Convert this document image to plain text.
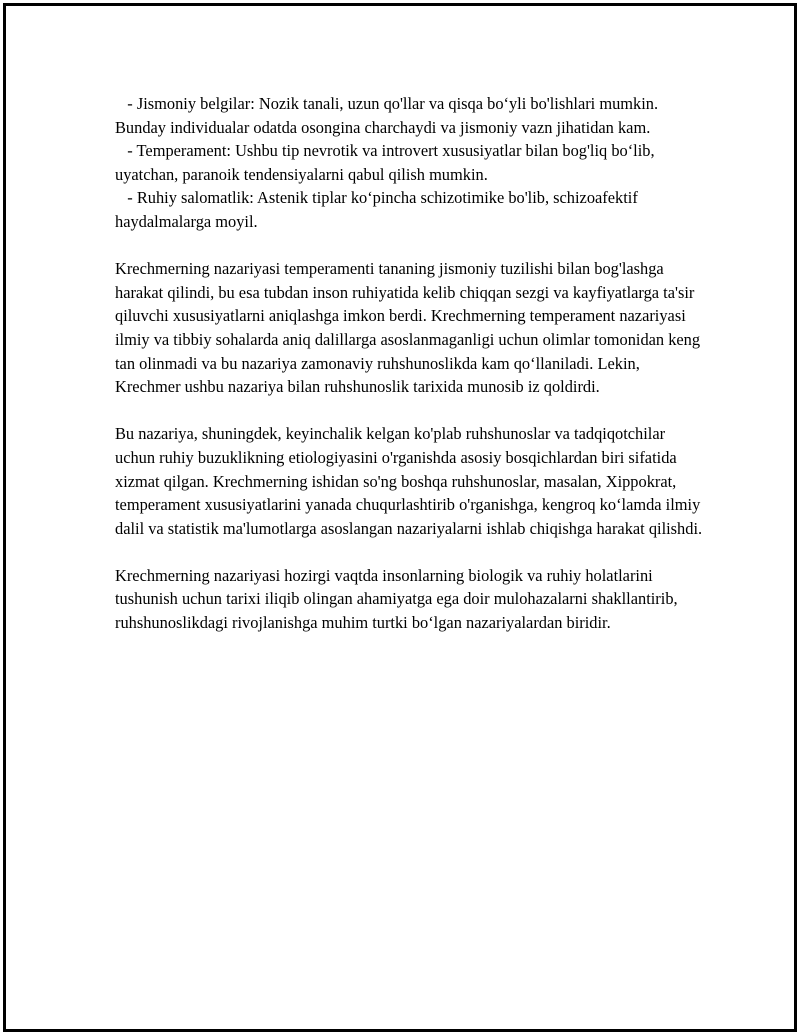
- Jismoniy belgilar: Nozik tanali, uzun qo'llar va qisqa boʻyli bo'lishlari mumkin. Bunday individualar odatda osongina charchaydi va jismoniy vazn jihatidan kam.
- Temperament: Ushbu tip nevrotik va introvert xususiyatlar bilan bog'liq boʻlib, uyatchan, paranoik tendensiyalarni qabul qilish mumkin.
- Ruhiy salomatlik: Astenik tiplar koʻpincha schizotimike bo'lib, schizoafektif haydalmalarga moyil.

Krechmerning nazariyasi temperamenti tananing jismoniy tuzilishi bilan bog'lashga harakat qilindi, bu esa tubdan inson ruhiyatida kelib chiqqan sezgi va kayfiyatlarga ta'sir qiluvchi xususiyatlarni aniqlashga imkon berdi. Krechmerning temperament nazariyasi ilmiy va tibbiy sohalarda aniq dalillarga asoslanmaganligi uchun olimlar tomonidan keng tan olinmadi va bu nazariya zamonaviy ruhshunoslikda kam qoʻllaniladi. Lekin, Krechmer ushbu nazariya bilan ruhshunoslik tarixida munosib iz qoldirdi.

Bu nazariya, shuningdek, keyinchalik kelgan ko'plab ruhshunoslar va tadqiqotchilar uchun ruhiy buzuklikning etiologiyasini o'rganishda asosiy bosqichlardan biri sifatida xizmat qilgan. Krechmerning ishidan so'ng boshqa ruhshunoslar, masalan, Xippokrat, temperament xususiyatlarini yanada chuqurlashtirib o'rganishga, kengroq koʻlamda ilmiy dalil va statistik ma'lumotlarga asoslangan nazariyalarni ishlab chiqishga harakat qilishdi.

Krechmerning nazariyasi hozirgi vaqtda insonlarning biologik va ruhiy holatlarini tushunish uchun tarixi iliqib olingan ahamiyatga ega doir mulohazalarni shakllantirib, ruhshunoslikdagi rivojlanishga muhim turtki boʻlgan nazariyalardan biridir.
